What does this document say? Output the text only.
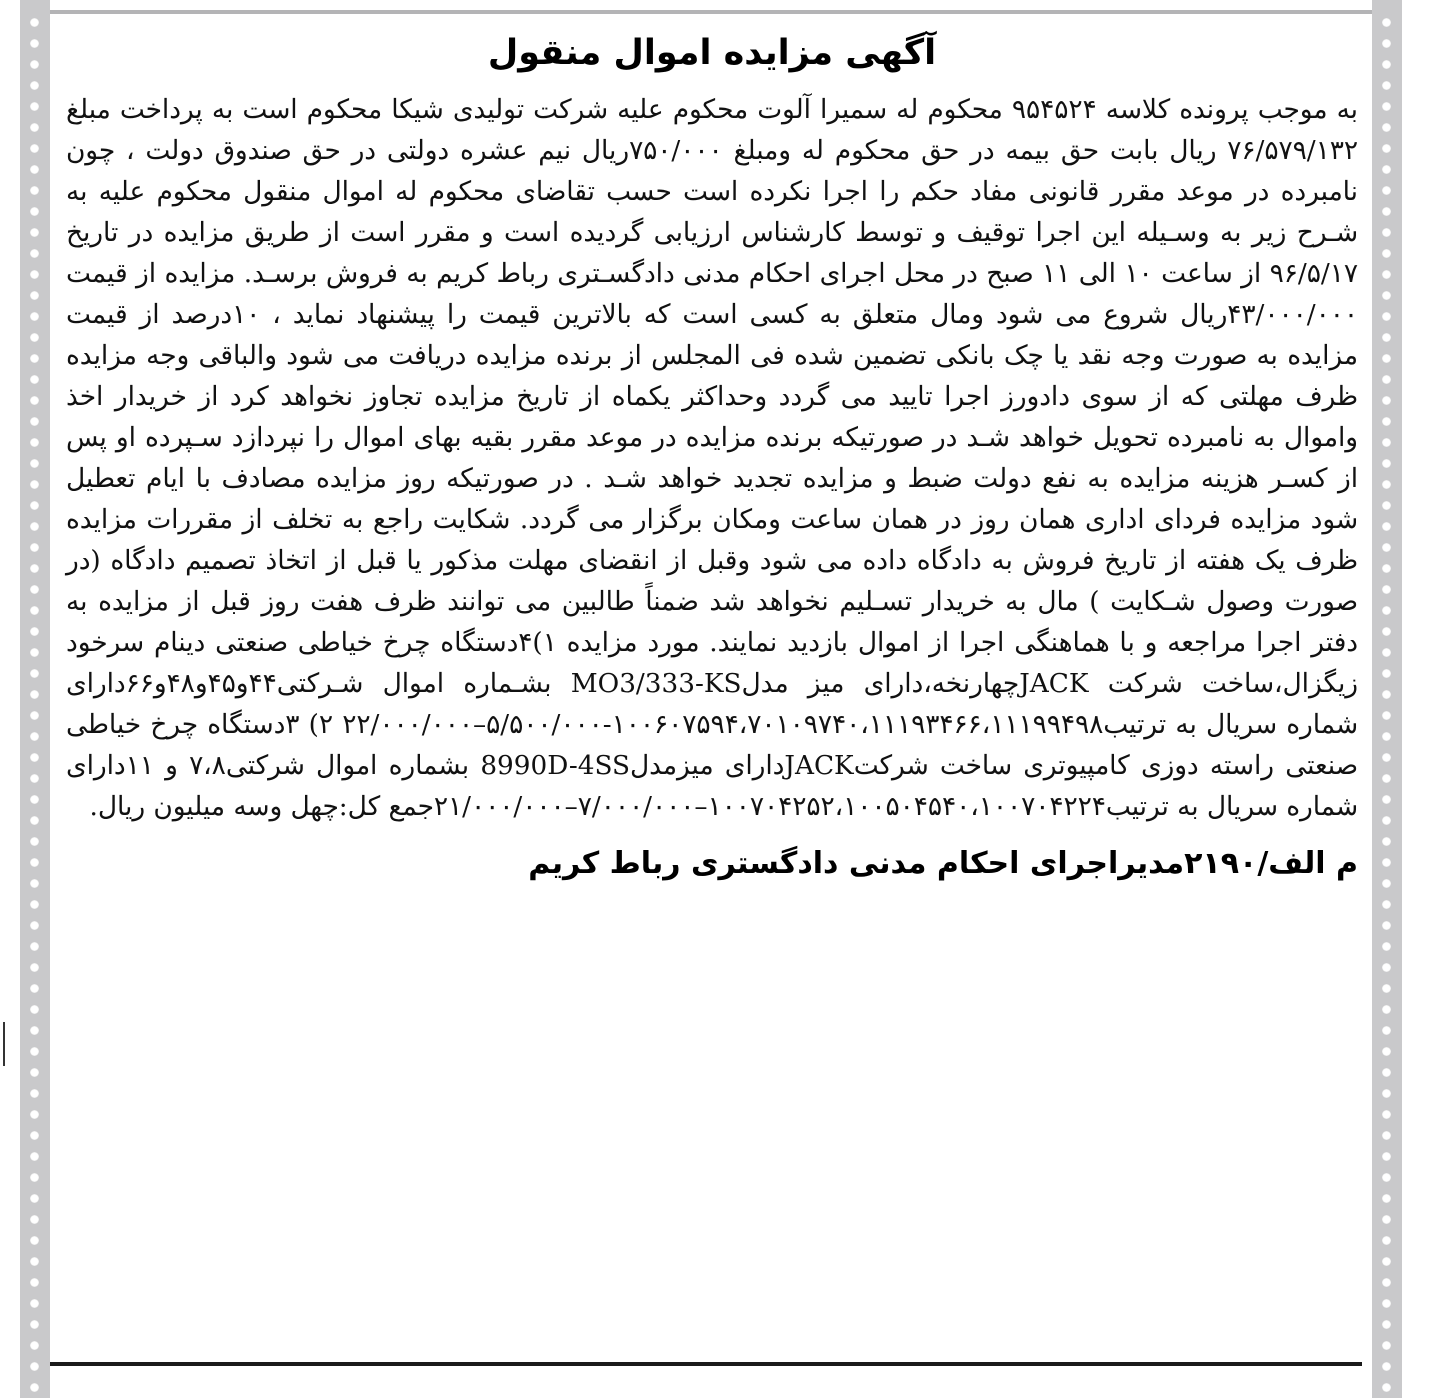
آگهی مزایده اموال منقول

به موجب پرونده کلاسه ۹۵۴۵۲۴ محکوم له سمیرا آلوت محکوم علیه شرکت تولیدی شیکا محکوم است به پرداخت مبلغ ۷۶/۵۷۹/۱۳۲ ریال بابت حق بیمه در حق محکوم له ومبلغ ۷۵۰/۰۰۰ریال نیم عشره دولتی در حق صندوق دولت ، چون نامبرده در موعد مقرر قانونی مفاد حکم را اجرا نکرده است حسب تقاضای محکوم له اموال منقول محکوم علیه به شـرح زیر به وسـیله این اجرا توقیف و توسط کارشناس ارزیابی گردیده است و مقرر است از طریق مزایده در تاریخ ۹۶/۵/۱۷ از ساعت ۱۰ الی ۱۱ صبح در محل اجرای احکام مدنی دادگسـتری رباط کریم به فروش برسـد. مزایده از قیمت ۴۳/۰۰۰/۰۰۰ریال شروع می شود ومال متعلق به کسی است که بالاترین قیمت را پیشنهاد نماید ، ۱۰درصد از قیمت مزایده به صورت وجه نقد یا چک بانکی تضمین شده فی المجلس از برنده مزایده دریافت می شود والباقی وجه مزایده ظرف مهلتی که از سوی دادورز اجرا تایید می گردد وحداکثر یکماه از تاریخ مزایده تجاوز نخواهد کرد از خریدار اخذ واموال به نامبرده تحویل خواهد شـد در صورتیکه برنده مزایده در موعد مقرر بقیه بهای اموال را نپردازد سـپرده او پس از کسـر هزینه مزایده به نفع دولت ضبط و مزایده تجدید خواهد شـد . در صورتیکه روز مزایده مصادف با ایام تعطیل شود مزایده فردای اداری همان روز در همان ساعت ومکان برگزار می گردد. شکایت راجع به تخلف از مقررات مزایده ظرف یک هفته از تاریخ فروش به دادگاه داده می شود وقبل از انقضای مهلت مذکور یا قبل از اتخاذ تصمیم دادگاه (در صورت وصول شـکایت ) مال به خریدار تسـلیم نخواهد شد ضمناً طالبین می توانند ظرف هفت روز قبل از مزایده به دفتر اجرا مراجعه و با هماهنگی اجرا از اموال بازدید نمایند. مورد مزایده ۱)۴دستگاه چرخ خیاطی صنعتی دینام سرخود زیگزال،ساخت شرکت JACKچهارنخه،دارای میز مدلMO3/333-KS بشـماره اموال شـرکتی۴۴و۴۵و۴۸و۶۶دارای شماره سریال به ترتیب۱۰۰۶۰۷۵۹۴،۷۰۱۰۹۷۴۰،۱۱۱۹۳۴۶۶،۱۱۱۹۹۴۹۸-۵/۵۰۰/۰۰۰–۲۲/۰۰۰/۰۰۰ ۲) ۳دستگاه چرخ خیاطی صنعتی راسته دوزی کامپیوتری ساخت شرکتJACKدارای میزمدل8990D-4SS بشماره اموال شرکتی۷،۸ و ۱۱دارای شماره سریال به ترتیب۱۰۰۷۰۴۲۵۲،۱۰۰۵۰۴۵۴۰،۱۰۰۷۰۴۲۲۴–۷/۰۰۰/۰۰۰–۲۱/۰۰۰/۰۰۰جمع کل:چهل وسه میلیون ریال.

م الف/۲۱۹۰مدیراجرای احکام مدنی دادگستری رباط کریم
